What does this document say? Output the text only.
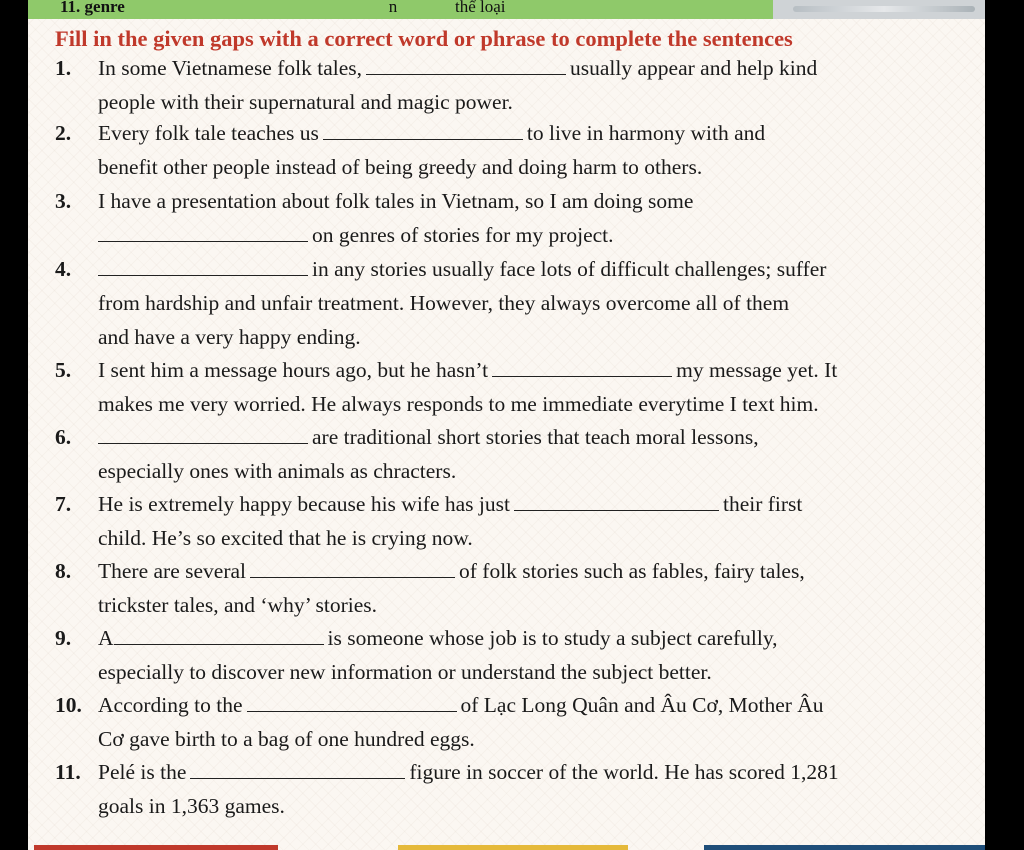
11. genre	n	thể loại
Fill in the given gaps with a correct word or phrase to complete the sentences
1. In some Vietnamese folk tales,	usually appear and help kind
people with their supernatural and magic power.
2. Every folk tale teaches us	to live in harmony with and
benefit other people instead of being greedy and doing harm to others.
3. I have a presentation about folk tales in Vietnam, so I am doing some
on genres of stories for my project.
4.	in any stories usually face lots of difficult challenges; suffer
from hardship and unfair treatment. However, they always overcome all of them
and have a very happy ending.
5. I sent him a message hours ago, but he hasn’t	my message yet. It
makes me very worried. He always responds to me immediate everytime I text him.
6.	are traditional short stories that teach moral lessons,
especially ones with animals as chracters.
7. He is extremely happy because his wife has just	their first
child. He’s so excited that he is crying now.
8. There are several	of folk stories such as fables, fairy tales,
trickster tales, and ‘why’ stories.
9. A	is someone whose job is to study a subject carefully,
especially to discover new information or understand the subject better.
10. According to the	of Lạc Long Quân and Âu Cơ, Mother Âu
Cơ gave birth to a bag of one hundred eggs.
11. Pelé is the	figure in soccer of the world. He has scored 1,281
goals in 1,363 games.
